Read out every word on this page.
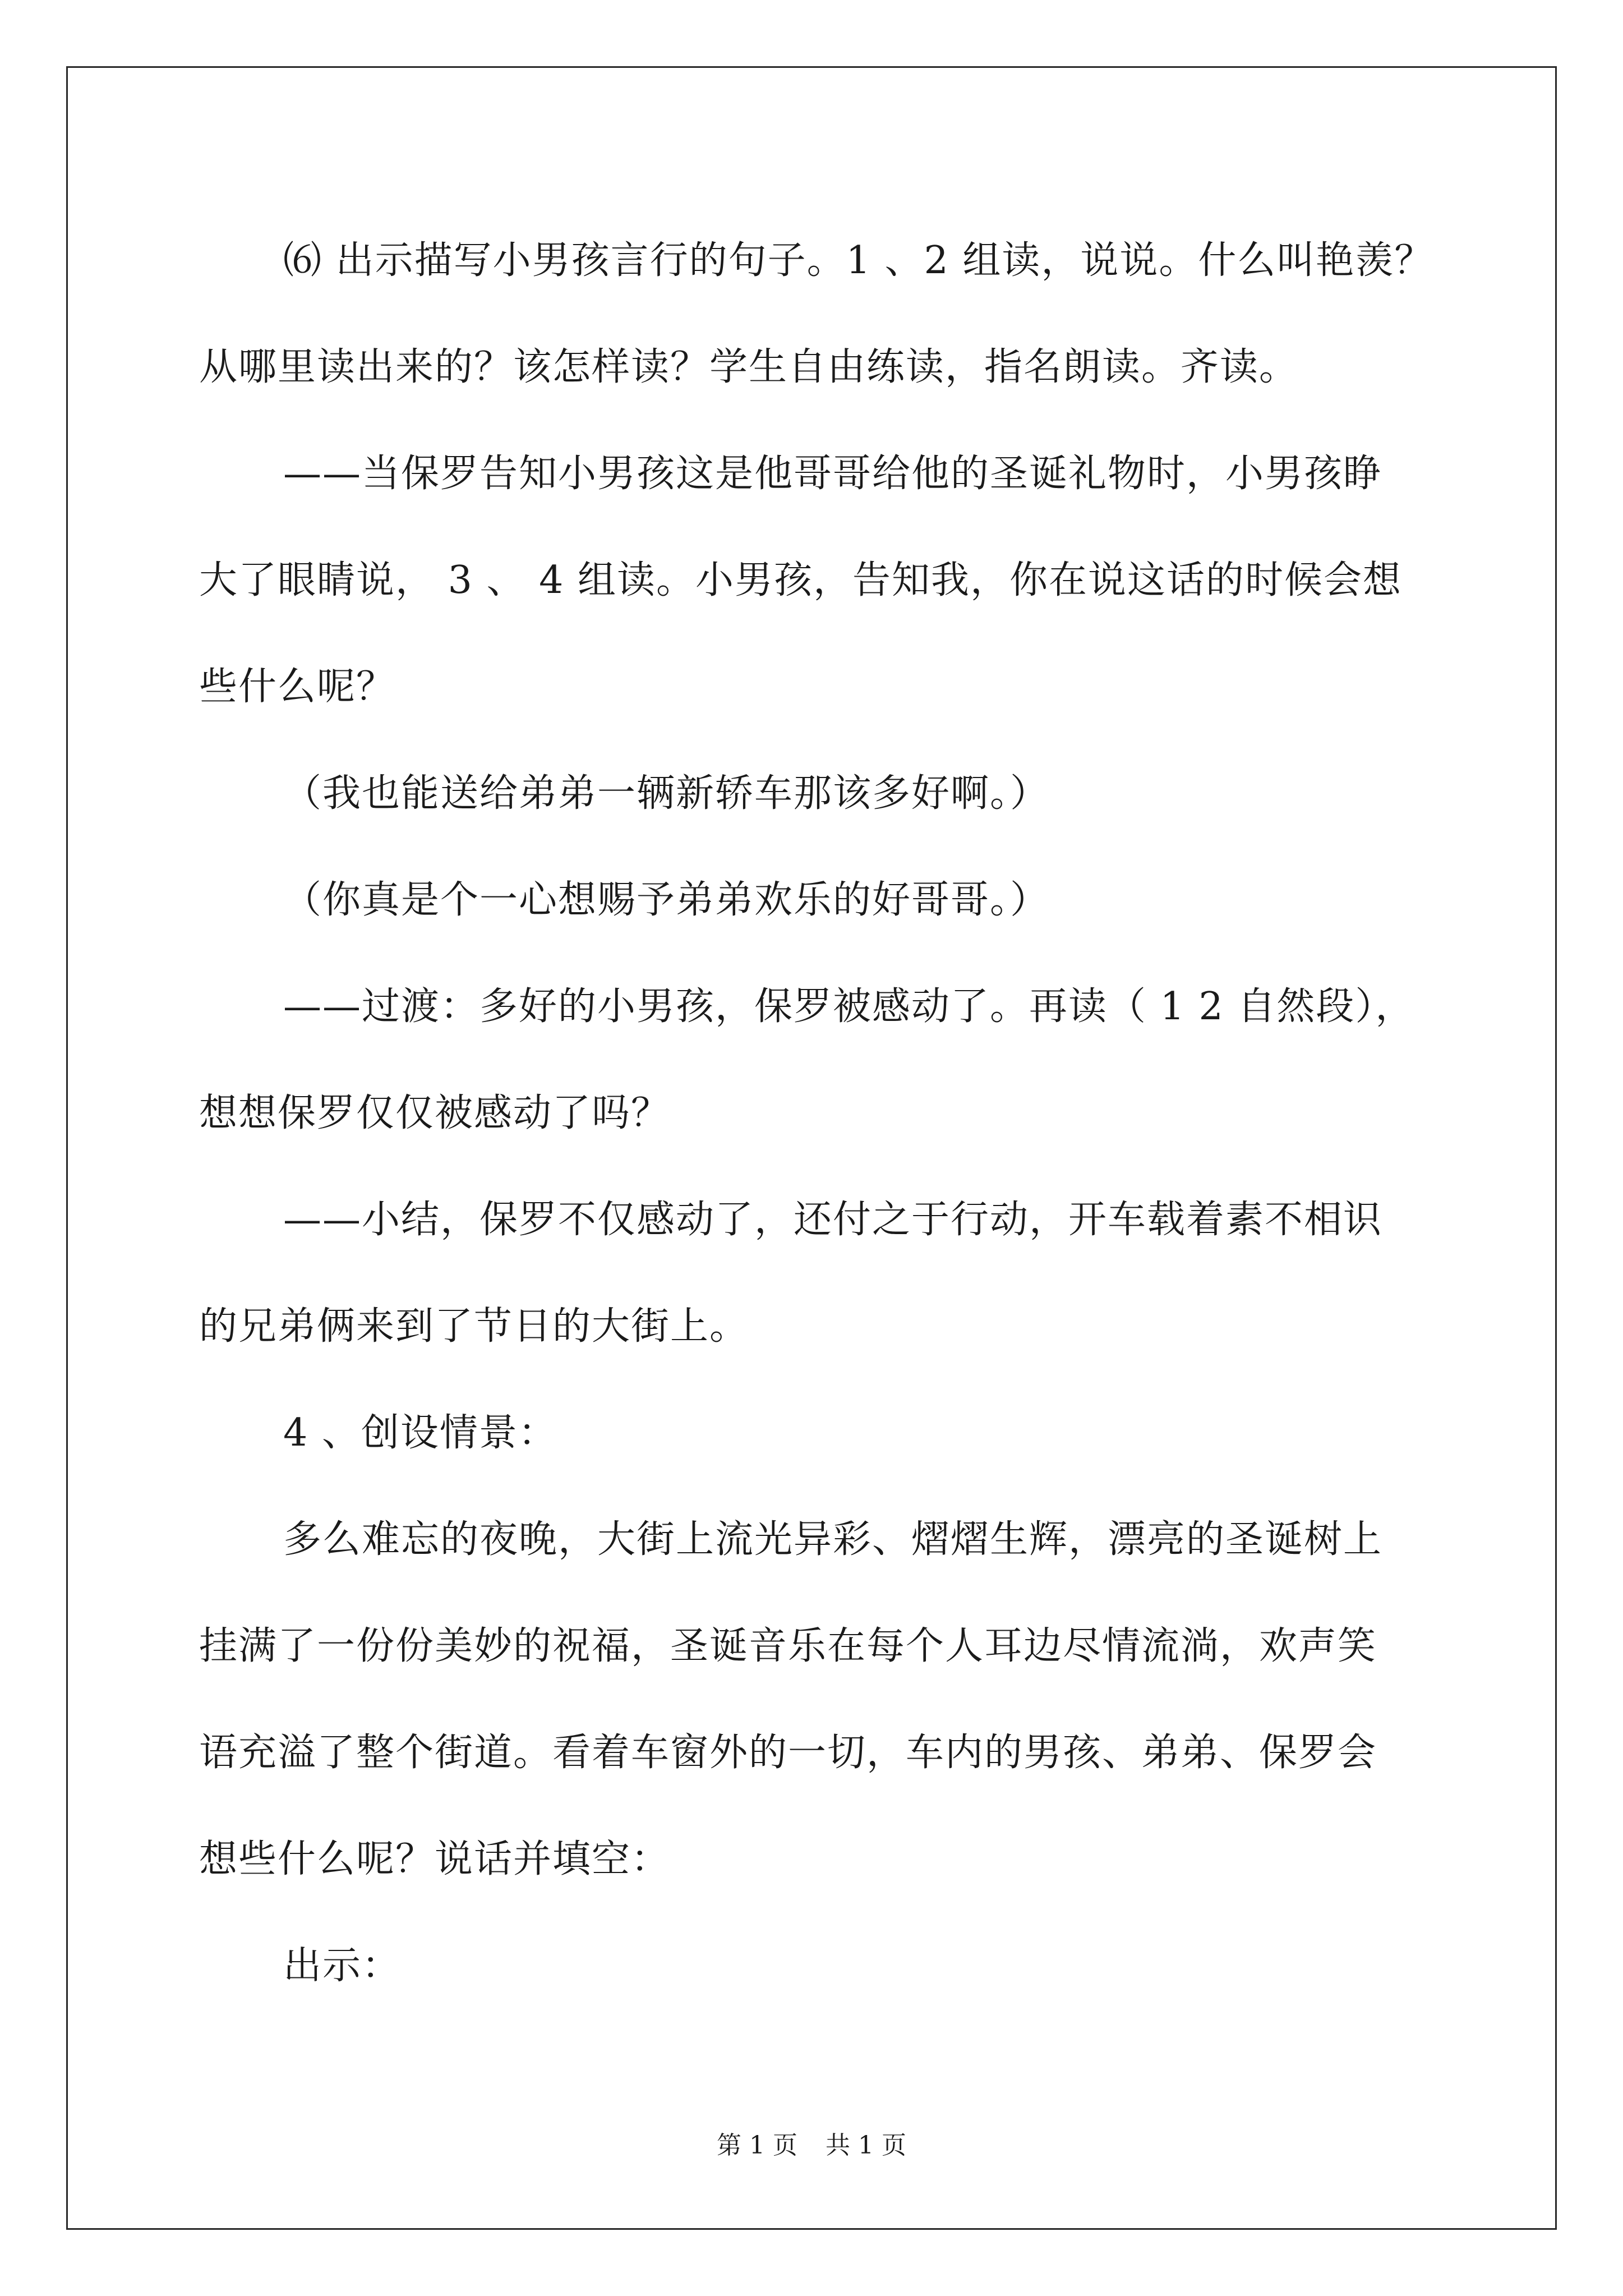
⑹ 出示描写小男孩言行的句子。1 、2 组读，说说。什么叫艳羡？

从哪里读出来的？该怎样读？学生自由练读，指名朗读。齐读。

——当保罗告知小男孩这是他哥哥给他的圣诞礼物时，小男孩睁

大了眼睛说， 3 、 4 组读。小男孩，告知我，你在说这话的时候会想

些什么呢？

（我也能送给弟弟一辆新轿车那该多好啊。）

（你真是个一心想赐予弟弟欢乐的好哥哥。）

——过渡：多好的小男孩，保罗被感动了。再读（ 1 2 自然段），

想想保罗仅仅被感动了吗？

——小结，保罗不仅感动了，还付之于行动，开车载着素不相识

的兄弟俩来到了节日的大街上。

4 、创设情景：

多么难忘的夜晚，大街上流光异彩、熠熠生辉，漂亮的圣诞树上

挂满了一份份美妙的祝福，圣诞音乐在每个人耳边尽情流淌，欢声笑

语充溢了整个街道。看着车窗外的一切，车内的男孩、弟弟、保罗会

想些什么呢？说话并填空：

出示：

第 1 页 共 1 页
